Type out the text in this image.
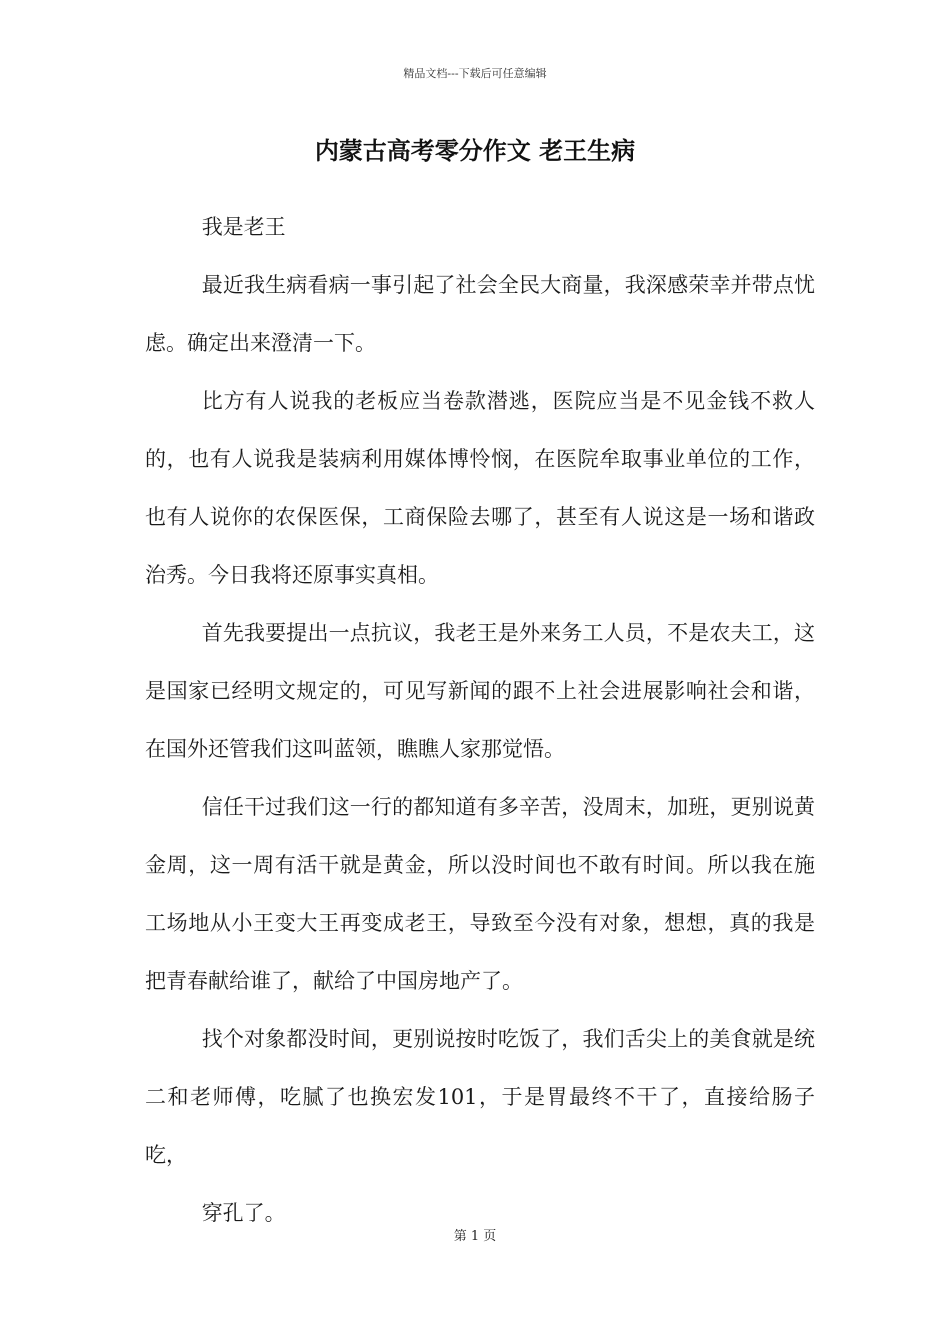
精品文档---下载后可任意编辑
内蒙古高考零分作文 老王生病

我是老王

最近我生病看病一事引起了社会全民大商量，我深感荣幸并带点忧虑。确定出来澄清一下。

比方有人说我的老板应当卷款潜逃，医院应当是不见金钱不救人的，也有人说我是装病利用媒体博怜悯，在医院牟取事业单位的工作，也有人说你的农保医保，工商保险去哪了，甚至有人说这是一场和谐政治秀。今日我将还原事实真相。

首先我要提出一点抗议，我老王是外来务工人员，不是农夫工，这是国家已经明文规定的，可见写新闻的跟不上社会进展影响社会和谐，在国外还管我们这叫蓝领，瞧瞧人家那觉悟。

信任干过我们这一行的都知道有多辛苦，没周末，加班，更别说黄金周，这一周有活干就是黄金，所以没时间也不敢有时间。所以我在施工场地从小王变大王再变成老王，导致至今没有对象，想想，真的我是把青春献给谁了，献给了中国房地产了。

找个对象都没时间，更别说按时吃饭了，我们舌尖上的美食就是统二和老师傅，吃腻了也换宏发101，于是胃最终不干了，直接给肠子吃，

穿孔了。

第 1 页
